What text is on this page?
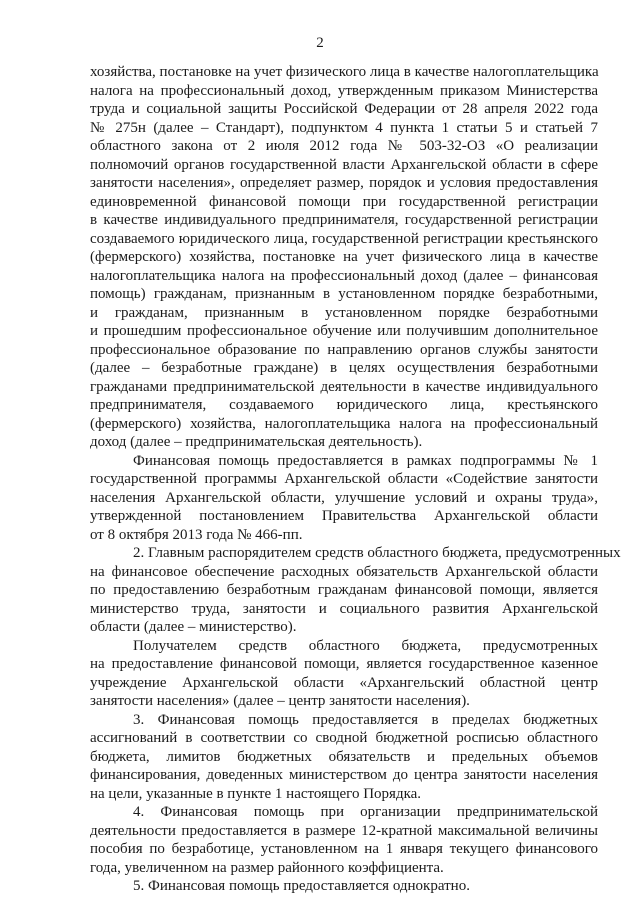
2
хозяйства, постановке на учет физического лица в качестве налогоплательщика
налога на профессиональный доход, утвержденным приказом Министерства
труда и социальной защиты Российской Федерации от 28 апреля 2022 года
№ 275н (далее – Стандарт), подпунктом 4 пункта 1 статьи 5 и статьей 7
областного закона от 2 июля 2012 года № 503-32-ОЗ «О реализации
полномочий органов государственной власти Архангельской области в сфере
занятости населения», определяет размер, порядок и условия предоставления
единовременной финансовой помощи при государственной регистрации
в качестве индивидуального предпринимателя, государственной регистрации
создаваемого юридического лица, государственной регистрации крестьянского
(фермерского) хозяйства, постановке на учет физического лица в качестве
налогоплательщика налога на профессиональный доход (далее – финансовая
помощь) гражданам, признанным в установленном порядке безработными,
и гражданам, признанным в установленном порядке безработными
и прошедшим профессиональное обучение или получившим дополнительное
профессиональное образование по направлению органов службы занятости
(далее – безработные граждане) в целях осуществления безработными
гражданами предпринимательской деятельности в качестве индивидуального
предпринимателя, создаваемого юридического лица, крестьянского
(фермерского) хозяйства, налогоплательщика налога на профессиональный
доход (далее – предпринимательская деятельность).
Финансовая помощь предоставляется в рамках подпрограммы № 1
государственной программы Архангельской области «Содействие занятости
населения Архангельской области, улучшение условий и охраны труда»,
утвержденной постановлением Правительства Архангельской области
от 8 октября 2013 года № 466-пп.
2. Главным распорядителем средств областного бюджета, предусмотренных
на финансовое обеспечение расходных обязательств Архангельской области
по предоставлению безработным гражданам финансовой помощи, является
министерство труда, занятости и социального развития Архангельской
области (далее – министерство).
Получателем средств областного бюджета, предусмотренных
на предоставление финансовой помощи, является государственное казенное
учреждение Архангельской области «Архангельский областной центр
занятости населения» (далее – центр занятости населения).
3. Финансовая помощь предоставляется в пределах бюджетных
ассигнований в соответствии со сводной бюджетной росписью областного
бюджета, лимитов бюджетных обязательств и предельных объемов
финансирования, доведенных министерством до центра занятости населения
на цели, указанные в пункте 1 настоящего Порядка.
4. Финансовая помощь при организации предпринимательской
деятельности предоставляется в размере 12-кратной максимальной величины
пособия по безработице, установленном на 1 января текущего финансового
года, увеличенном на размер районного коэффициента.
5. Финансовая помощь предоставляется однократно.
